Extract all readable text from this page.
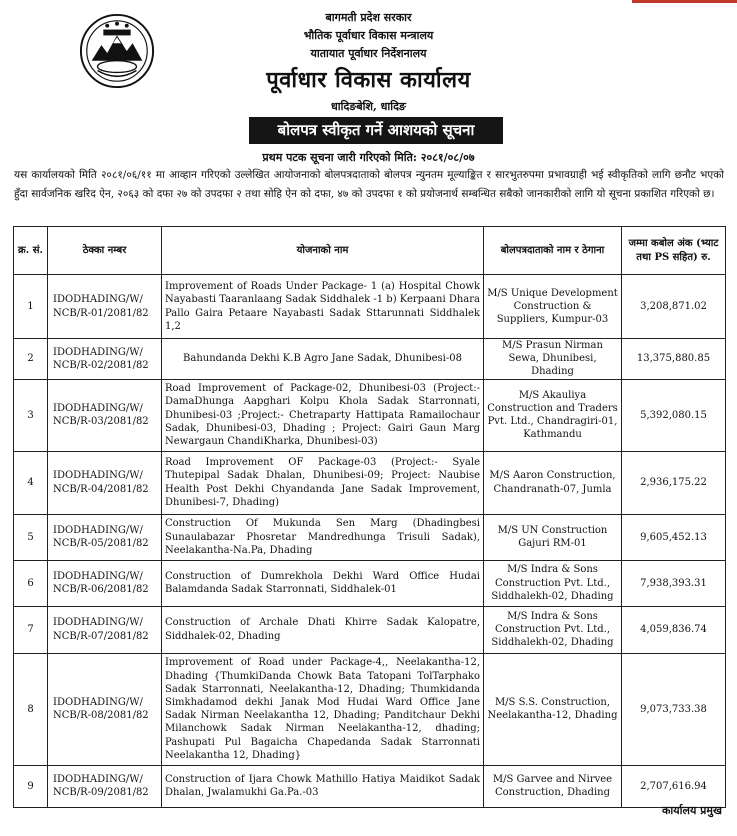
बागमती प्रदेश सरकार
भौतिक पूर्वाधार विकास मन्त्रालय
यातायात पूर्वाधार निर्देशनालय
पूर्वाधार विकास कार्यालय
धादिङबेशि, धादिङ
बोलपत्र स्वीकृत गर्ने आशयको सूचना
प्रथम पटक सूचना जारी गरिएको मिति: २०८१/०८/०७

यस कार्यालयको मिति २०८१/०६/११ मा आव्हान गरिएको उल्लेखित आयोजनाको बोलपत्रदाताको बोलपत्र न्युनतम मूल्याङ्कित र सारभुतरुपमा प्रभावग्राही भई स्वीकृतिको लागि छनौट भएको हुँदा सार्वजनिक खरिद ऐन, २०६३ को दफा २७ को उपदफा २ तथा सोहि ऐन को दफा, ४७ को उपदफा १ को प्रयोजनार्थ सम्बन्धित सबैको जानकारीको लागि यो सूचना प्रकाशित गरिएको छ।

क्र. सं.	ठेक्का नम्बर	योजनाको नाम	बोलपत्रदाताको नाम र ठेगाना	जम्मा कबोल अंक (भ्याट तथा PS सहित) रु.
1	IDODHADING/W/ NCB/R-01/2081/82	Improvement of Roads Under Package- 1 (a) Hospital Chowk Nayabasti Taaranlaang Sadak Siddhalek -1 b) Kerpaani Dhara Pallo Gaira Petaare Nayabasti Sadak Sttarunnati Siddhalek 1,2	M/S Unique Development Construction & Suppliers, Kumpur-03	3,208,871.02
2	IDODHADING/W/ NCB/R-02/2081/82	Bahundanda Dekhi K.B Agro Jane Sadak, Dhunibesi-08	M/S Prasun Nirman Sewa, Dhunibesi, Dhading	13,375,880.85
3	IDODHADING/W/ NCB/R-03/2081/82	Road Improvement of Package-02, Dhunibesi-03 (Project:- DamaDhunga Aapghari Kolpu Khola Sadak Starronnati, Dhunibesi-03 ;Project:- Chetraparty Hattipata Ramailochaur Sadak, Dhunibesi-03, Dhading ; Project: Gairi Gaun Marg Newargaun ChandiKharka, Dhunibesi-03)	M/S Akauliya Construction and Traders Pvt. Ltd., Chandragiri-01, Kathmandu	5,392,080.15
4	IDODHADING/W/ NCB/R-04/2081/82	Road Improvement OF Package-03 (Project:- Syale Thutepipal Sadak Dhalan, Dhunibesi-09; Project: Naubise Health Post Dekhi Chyandanda Jane Sadak Improvement, Dhunibesi-7, Dhading)	M/S Aaron Construction, Chandranath-07, Jumla	2,936,175.22
5	IDODHADING/W/ NCB/R-05/2081/82	Construction Of Mukunda Sen Marg (Dhadingbesi Sunaulabazar Phosretar Mandredhunga Trisuli Sadak), Neelakantha-Na.Pa, Dhading	M/S UN Construction Gajuri RM-01	9,605,452.13
6	IDODHADING/W/ NCB/R-06/2081/82	Construction of Dumrekhola Dekhi Ward Office Hudai Balamdanda Sadak Starronnati, Siddhalek-01	M/S Indra & Sons Construction Pvt. Ltd., Siddhalekh-02, Dhading	7,938,393.31
7	IDODHADING/W/ NCB/R-07/2081/82	Construction of Archale Dhati Khirre Sadak Kalopatre, Siddhalek-02, Dhading	M/S Indra & Sons Construction Pvt. Ltd., Siddhalekh-02, Dhading	4,059,836.74
8	IDODHADING/W/ NCB/R-08/2081/82	Improvement of Road under Package-4,, Neelakantha-12, Dhading {ThumkiDanda Chowk Bata Tatopani TolTarphako Sadak Starronnati, Neelakantha-12, Dhading; Thumkidanda Simkhadamod dekhi Janak Mod Hudai Ward Office Jane Sadak Nirman Neelakantha 12, Dhading; Panditchaur Dekhi Milanchowk Sadak Nirman Neelakantha-12, dhading; Pashupati Pul Bagaicha Chapedanda Sadak Starronnati Neelakantha 12, Dhading}	M/S S.S. Construction, Neelakantha-12, Dhading	9,073,733.38
9	IDODHADING/W/ NCB/R-09/2081/82	Construction of Ijara Chowk Mathillo Hatiya Maidikot Sadak Dhalan, Jwalamukhi Ga.Pa.-03	M/S Garvee and Nirvee Construction, Dhading	2,707,616.94
कार्यालय प्रमुख
